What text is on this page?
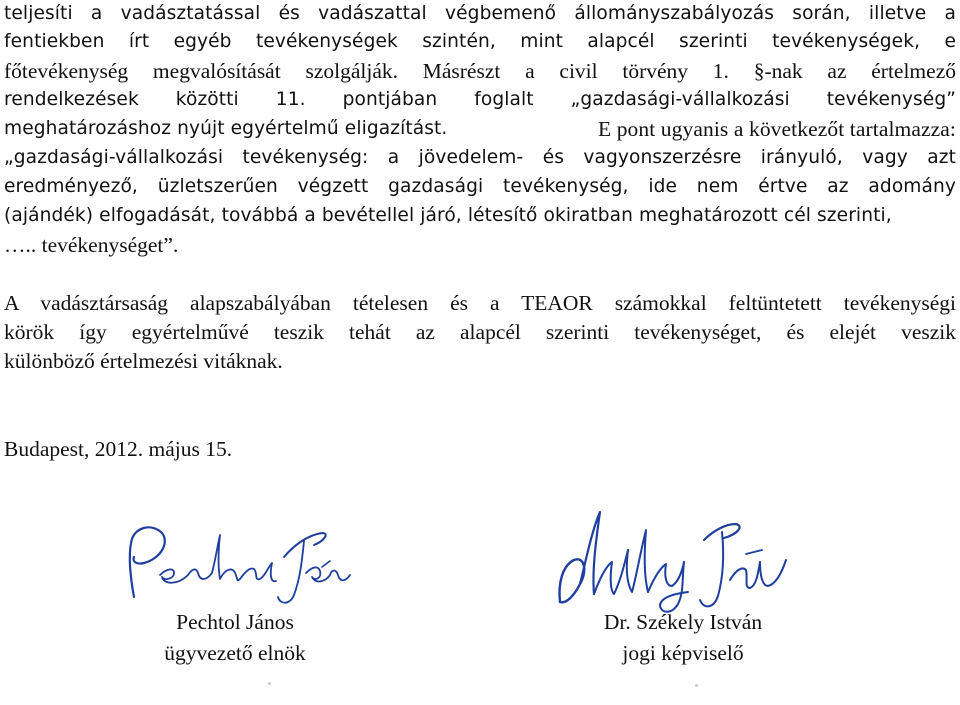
teljesíti a vadásztatással és vadászattal végbemenő állományszabályozás során, illetve a
fentiekben írt egyéb tevékenységek szintén, mint alapcél szerinti tevékenységek, e
főtevékenység megvalósítását szolgálják. Másrészt a civil törvény 1. §-nak az értelmező
rendelkezések közötti 11. pontjában foglalt „gazdasági-vállalkozási tevékenység”
meghatározáshoz nyújt egyértelmű eligazítást.	E pont ugyanis a következőt tartalmazza:
„gazdasági-vállalkozási tevékenység: a jövedelem- és vagyonszerzésre irányuló, vagy azt
eredményező, üzletszerűen végzett gazdasági tevékenység, ide nem értve az adomány
(ajándék) elfogadását, továbbá a bevétellel járó, létesítő okiratban meghatározott cél szerinti,
….. tevékenységet”.
A vadásztársaság alapszabályában tételesen és a TEAOR számokkal feltüntetett tevékenységi
körök így egyértelművé teszik tehát az alapcél szerinti tevékenységet, és elejét veszik
különböző értelmezési vitáknak.
Budapest, 2012. május 15.
Pechtol János
ügyvezető elnök
Dr. Székely István
jogi képviselő
